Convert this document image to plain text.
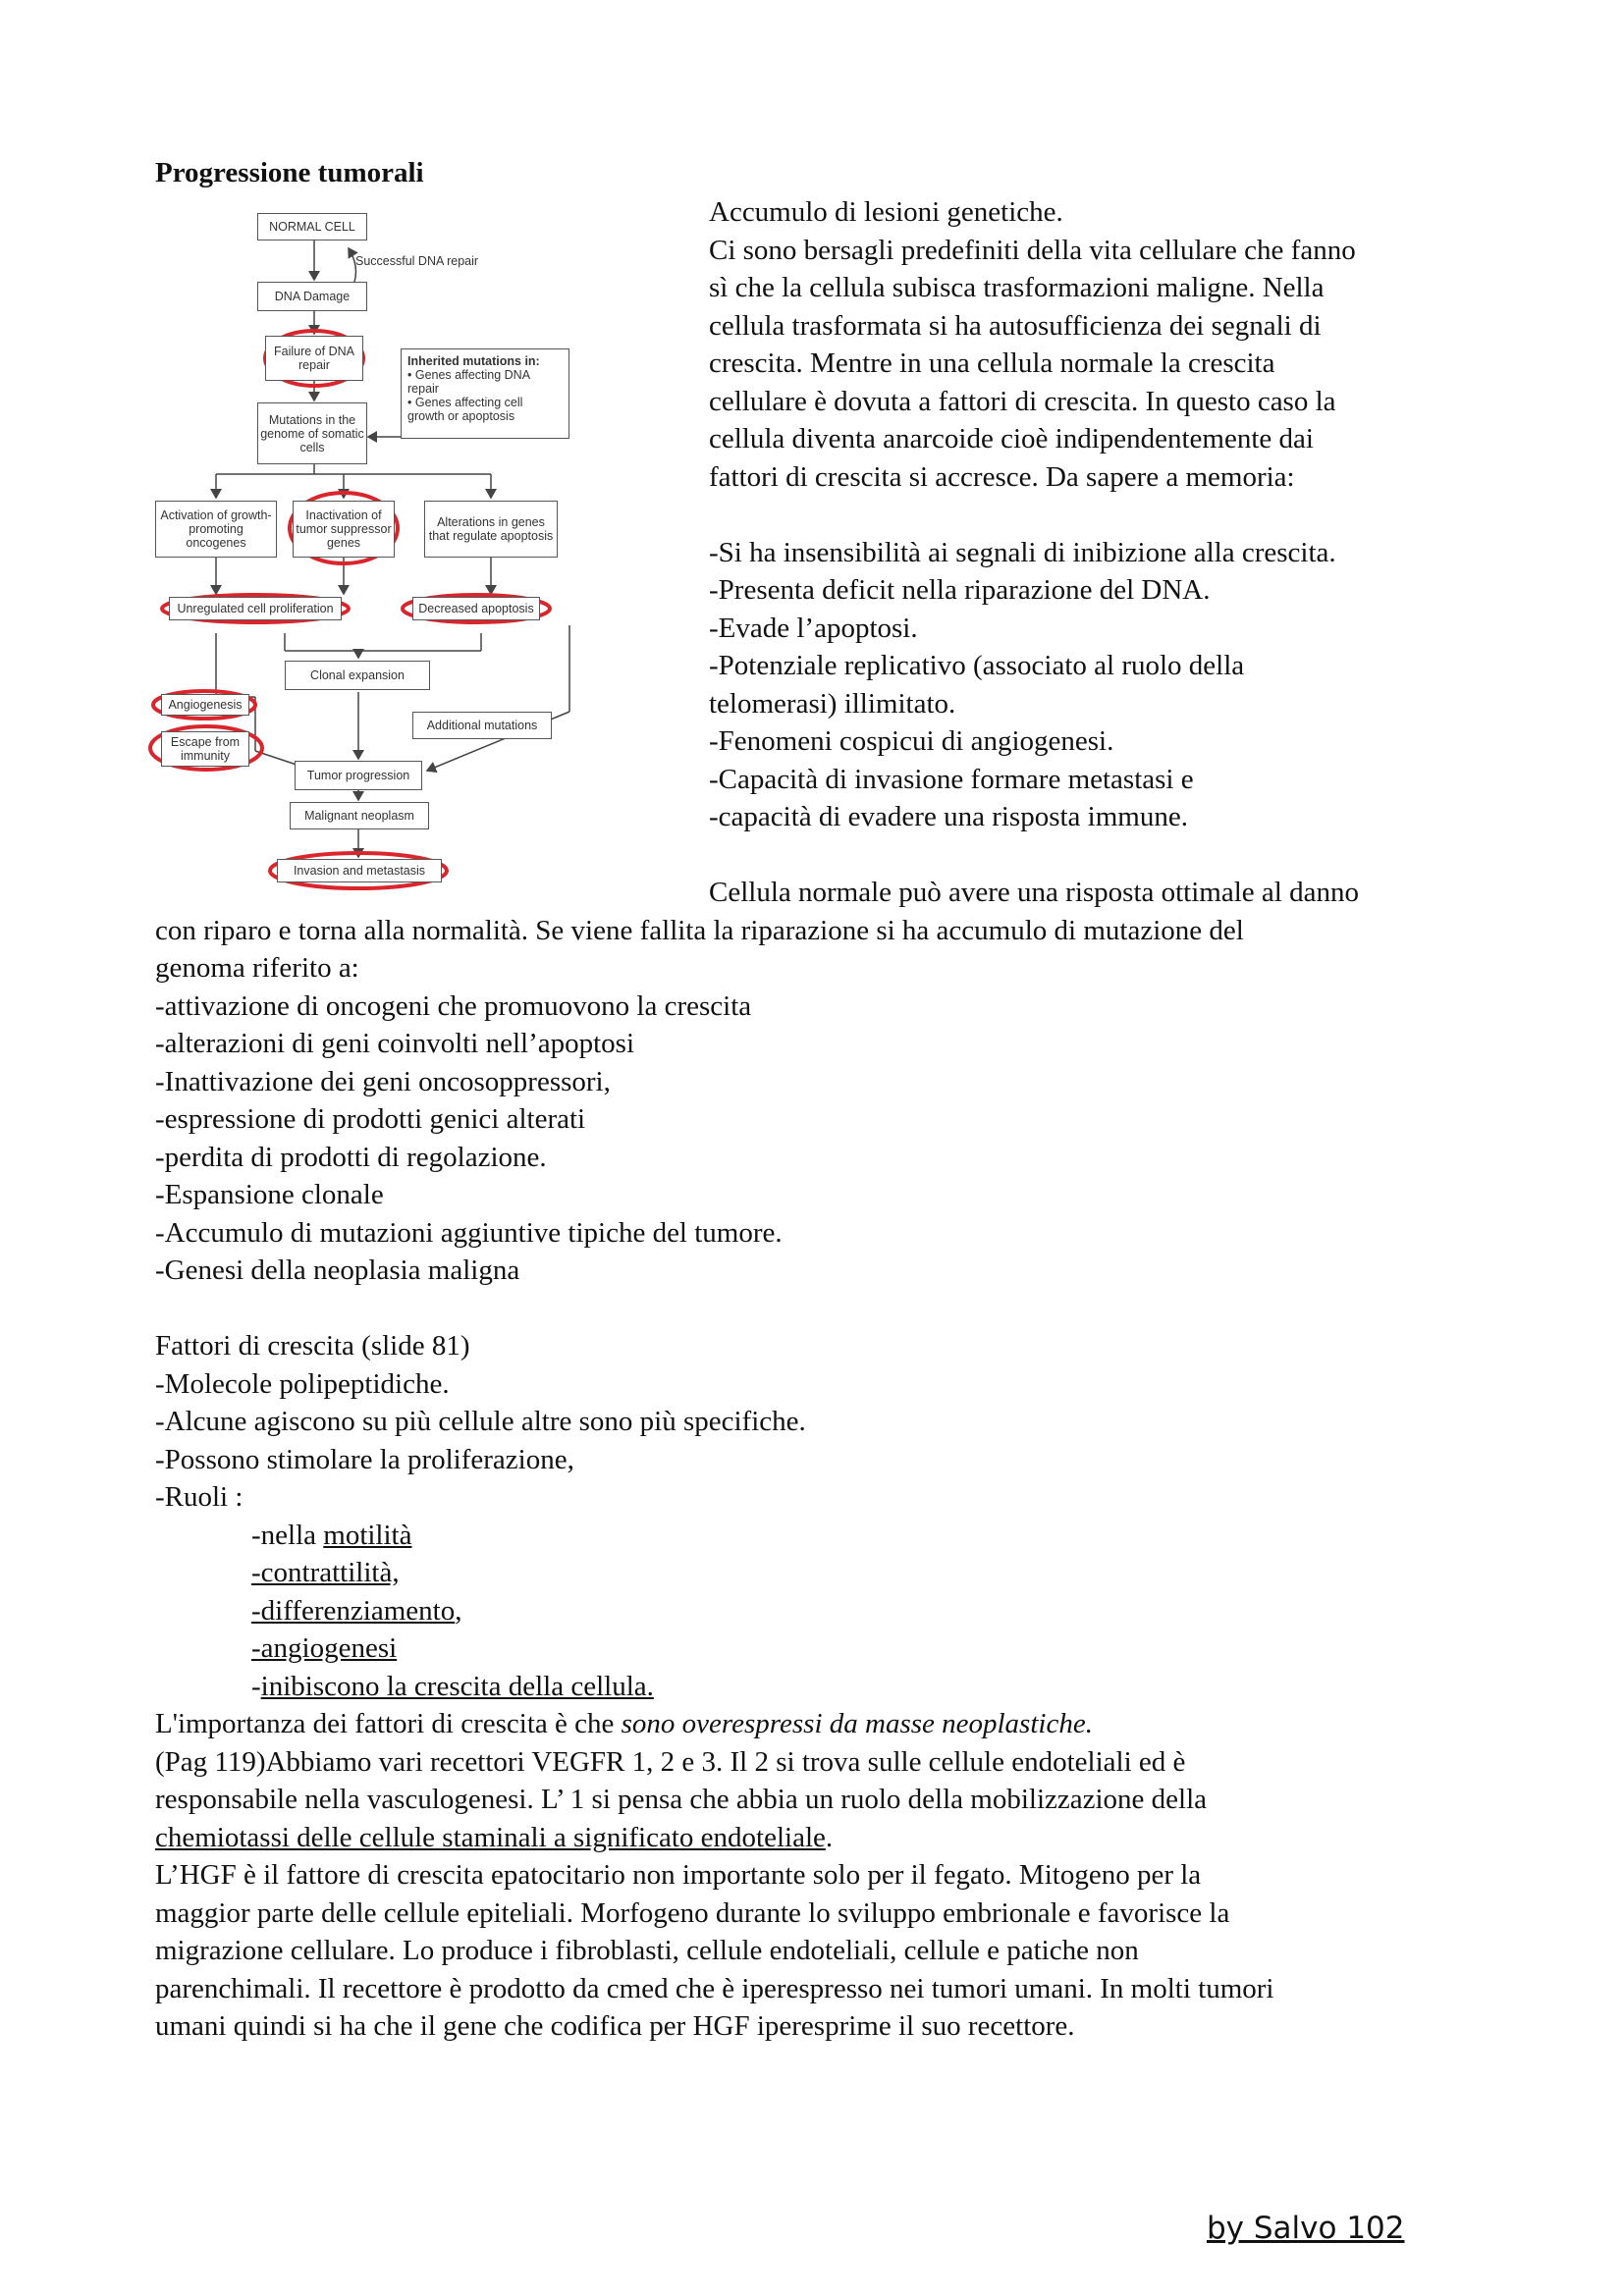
Progressione tumorali
NORMAL CELL
Successful DNA repair
DNA Damage
Failure of DNA repair	Inherited mutations in:
• Genes affecting DNA repair
• Genes affecting cell growth or apoptosis
Mutations in the genome of somatic cells
Activation of growth-promoting oncogenes
Inactivation of tumor suppressor genes
Alterations in genes that regulate apoptosis
Unregulated cell proliferation	Decreased apoptosis
Clonal expansion
Angiogenesis
Additional mutations
Escape from immunity
Tumor progression
Malignant neoplasm
Invasion and metastasis
Accumulo di lesioni genetiche.
Ci sono bersagli predefiniti della vita cellulare che fanno
sì che la cellula subisca trasformazioni maligne. Nella
cellula trasformata si ha autosufficienza dei segnali di
crescita. Mentre in una cellula normale la crescita
cellulare è dovuta a fattori di crescita. In questo caso la
cellula diventa anarcoide cioè indipendentemente dai
fattori di crescita si accresce. Da sapere a memoria:
-Si ha insensibilità ai segnali di inibizione alla crescita.
-Presenta deficit nella riparazione del DNA.
-Evade l’apoptosi.
-Potenziale replicativo (associato al ruolo della
telomerasi) illimitato.
-Fenomeni cospicui di angiogenesi.
-Capacità di invasione formare metastasi e
-capacità di evadere una risposta immune.
Cellula normale può avere una risposta ottimale al danno
con riparo e torna alla normalità. Se viene fallita la riparazione si ha accumulo di mutazione del
genoma riferito a:
-attivazione di oncogeni che promuovono la crescita
-alterazioni di geni coinvolti nell’apoptosi
-Inattivazione dei geni oncosoppressori,
-espressione di prodotti genici alterati
-perdita di prodotti di regolazione.
-Espansione clonale
-Accumulo di mutazioni aggiuntive tipiche del tumore.
-Genesi della neoplasia maligna
Fattori di crescita (slide 81)
-Molecole polipeptidiche.
-Alcune agiscono su più cellule altre sono più specifiche.
-Possono stimolare la proliferazione,
-Ruoli :
-nella motilità
-contrattilità,
-differenziamento,
-angiogenesi
-inibiscono la crescita della cellula.
L'importanza dei fattori di crescita è che sono overespressi da masse neoplastiche.
(Pag 119)Abbiamo vari recettori VEGFR 1, 2 e 3. Il 2 si trova sulle cellule endoteliali ed è
responsabile nella vasculogenesi. L’ 1 si pensa che abbia un ruolo della mobilizzazione della
chemiotassi delle cellule staminali a significato endoteliale.
L’HGF è il fattore di crescita epatocitario non importante solo per il fegato. Mitogeno per la
maggior parte delle cellule epiteliali. Morfogeno durante lo sviluppo embrionale e favorisce la
migrazione cellulare. Lo produce i fibroblasti, cellule endoteliali, cellule e patiche non
parenchimali. Il recettore è prodotto da cmed che è iperespresso nei tumori umani. In molti tumori
umani quindi si ha che il gene che codifica per HGF iperesprime il suo recettore.
by Salvo 102
